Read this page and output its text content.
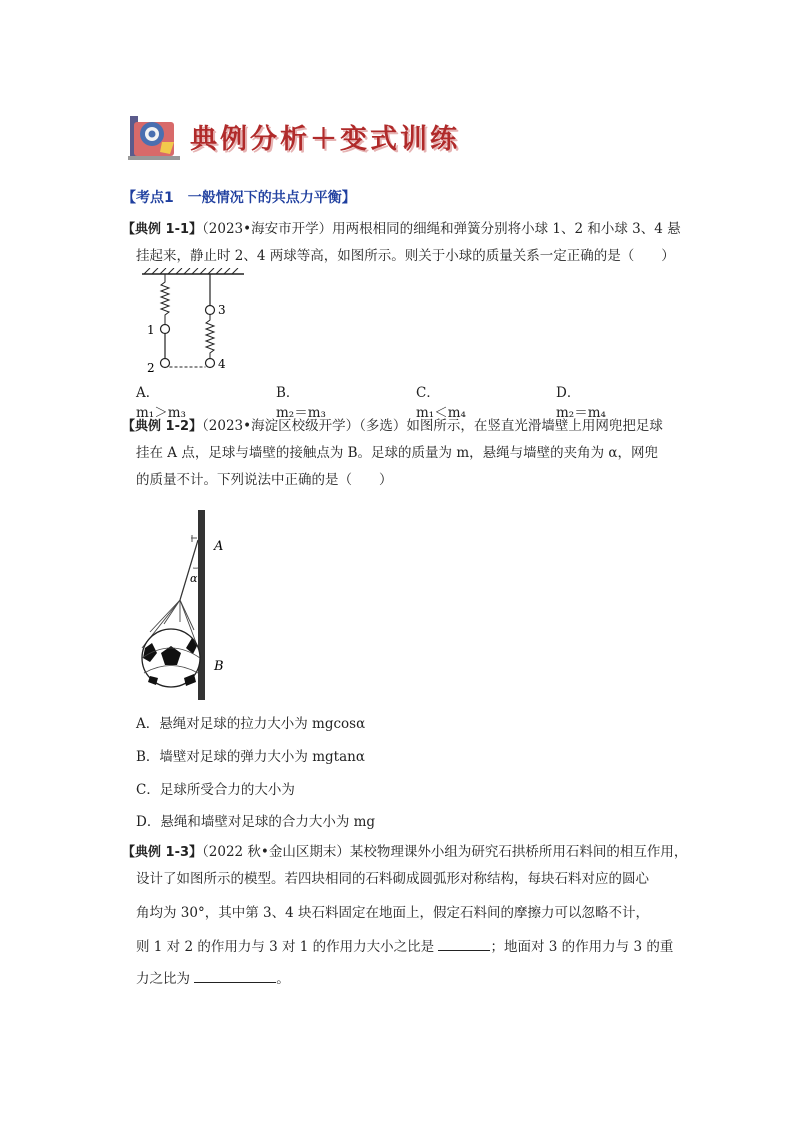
典例分析＋变式训练
【考点1　一般情况下的共点力平衡】
【典例 1-1】（2023•海安市开学）用两根相同的细绳和弹簧分别将小球 1、2 和小球 3、4 悬
挂起来，静止时 2、4 两球等高，如图所示。则关于小球的质量关系一定正确的是（　　）
1
2
3
4
A．m₁＞m₃
B．m₂＝m₃
C．m₁＜m₄
D．m₂＝m₄
【典例 1-2】（2023•海淀区校级开学）（多选）如图所示，在竖直光滑墙壁上用网兜把足球
挂在 A 点，足球与墙壁的接触点为 B。足球的质量为 m，悬绳与墙壁的夹角为 α，网兜
的质量不计。下列说法中正确的是（　　）
α
A
B
A．悬绳对足球的拉力大小为 mgcosα
B．墙壁对足球的弹力大小为 mgtanα
C．足球所受合力的大小为
D．悬绳和墙壁对足球的合力大小为 mg
【典例 1-3】（2022 秋•金山区期末）某校物理课外小组为研究石拱桥所用石料间的相互作用，
设计了如图所示的模型。若四块相同的石料砌成圆弧形对称结构，每块石料对应的圆心
角均为 30°，其中第 3、4 块石料固定在地面上，假定石料间的摩擦力可以忽略不计，
则 1 对 2 的作用力与 3 对 1 的作用力大小之比是	；地面对 3 的作用力与 3 的重
力之比为	。
